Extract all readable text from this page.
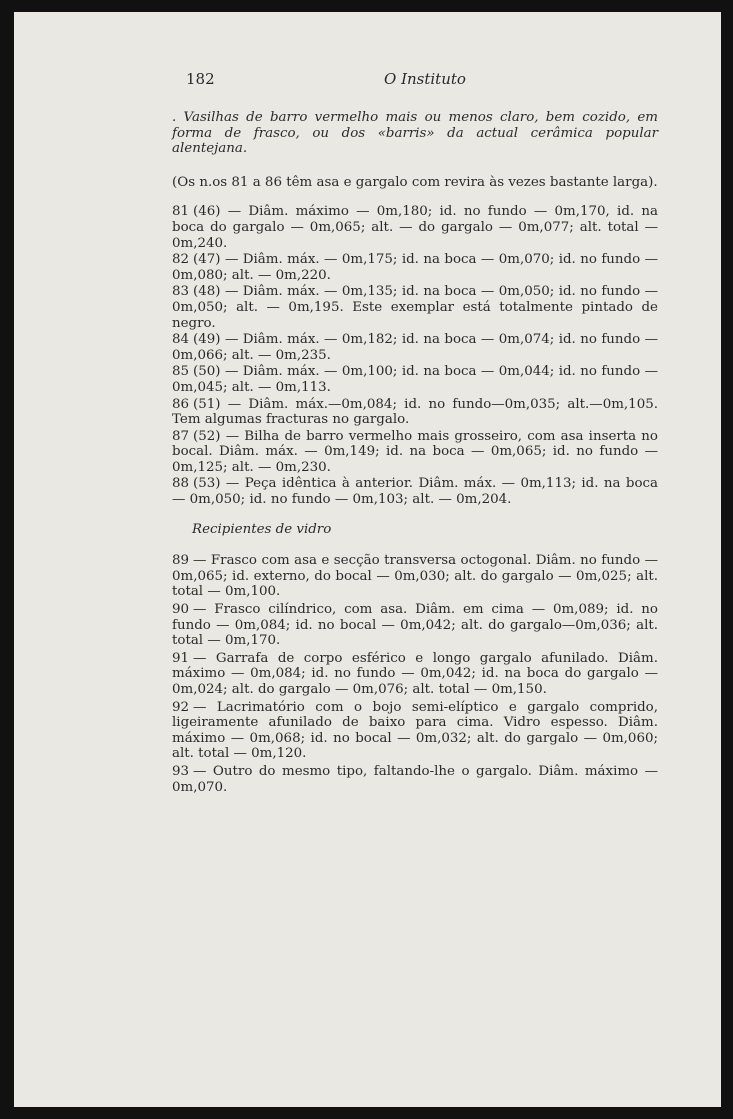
182	O Instituto
. Vasilhas de barro vermelho mais ou menos claro, bem cozido, em forma de frasco, ou dos «barris» da actual cerâmica popular alentejana.
(Os n.os 81 a 86 têm asa e gargalo com revira às vezes bastante larga).
81 (46) — Diâm. máximo — 0m,180; id. no fundo — 0m,170, id. na boca do gargalo — 0m,065; alt. — do gargalo — 0m,077; alt. total — 0m,240.
82 (47) — Diâm. máx. — 0m,175; id. na boca — 0m,070; id. no fundo — 0m,080; alt. — 0m,220.
83 (48) — Diâm. máx. — 0m,135; id. na boca — 0m,050; id. no fundo — 0m,050; alt. — 0m,195. Este exemplar está totalmente pintado de negro.
84 (49) — Diâm. máx. — 0m,182; id. na boca — 0m,074; id. no fundo — 0m,066; alt. — 0m,235.
85 (50) — Diâm. máx. — 0m,100; id. na boca — 0m,044; id. no fundo — 0m,045; alt. — 0m,113.
86 (51) — Diâm. máx.—0m,084; id. no fundo—0m,035; alt.—0m,105. Tem algumas fracturas no gargalo.
87 (52) — Bilha de barro vermelho mais grosseiro, com asa inserta no bocal. Diâm. máx. — 0m,149; id. na boca — 0m,065; id. no fundo — 0m,125; alt. — 0m,230.
88 (53) — Peça idêntica à anterior. Diâm. máx. — 0m,113; id. na boca — 0m,050; id. no fundo — 0m,103; alt. — 0m,204.
Recipientes de vidro
89 — Frasco com asa e secção transversa octogonal. Diâm. no fundo — 0m,065; id. externo, do bocal — 0m,030; alt. do gargalo — 0m,025; alt. total — 0m,100.
90 — Frasco cilíndrico, com asa. Diâm. em cima — 0m,089; id. no fundo — 0m,084; id. no bocal — 0m,042; alt. do gargalo—0m,036; alt. total — 0m,170.
91 — Garrafa de corpo esférico e longo gargalo afunilado. Diâm. máximo — 0m,084; id. no fundo — 0m,042; id. na boca do gargalo — 0m,024; alt. do gargalo — 0m,076; alt. total — 0m,150.
92 — Lacrimatório com o bojo semi-elíptico e gargalo comprido, ligeiramente afunilado de baixo para cima. Vidro espesso. Diâm. máximo — 0m,068; id. no bocal — 0m,032; alt. do gargalo — 0m,060; alt. total — 0m,120.
93 — Outro do mesmo tipo, faltando-lhe o gargalo. Diâm. máximo — 0m,070.
